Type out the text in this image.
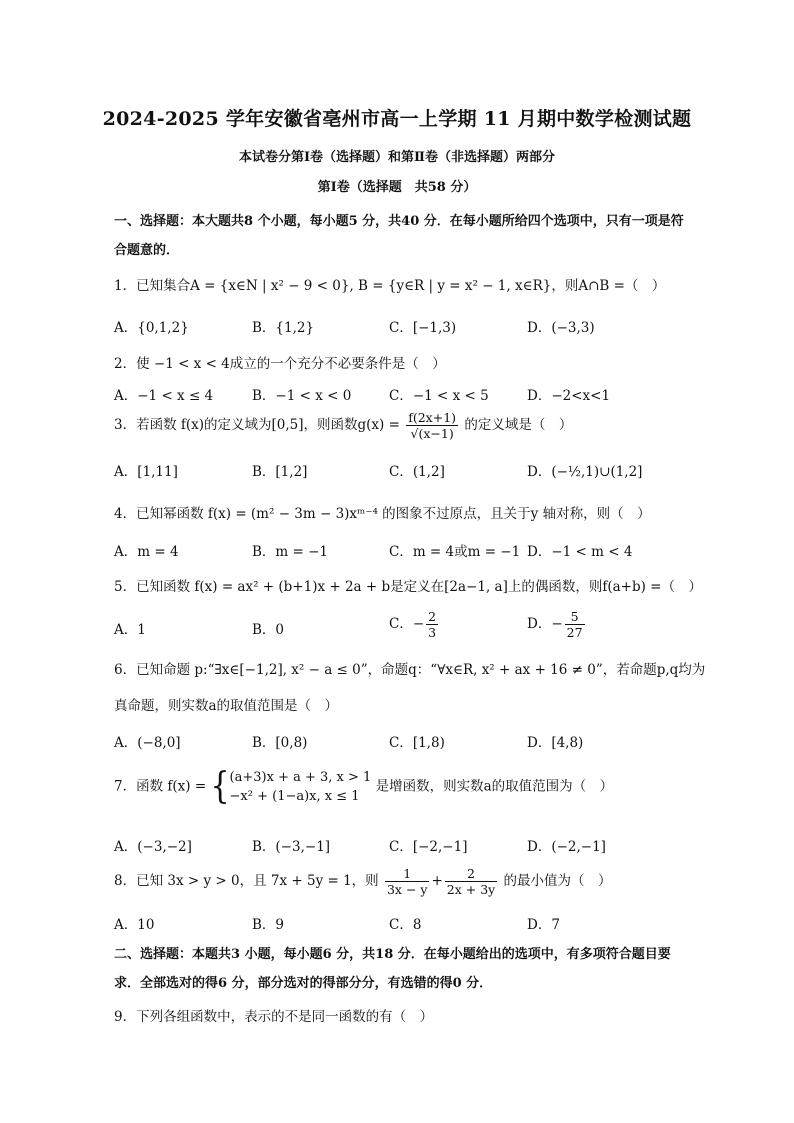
2024-2025 学年安徽省亳州市高一上学期 11 月期中数学检测试题
本试卷分第Ⅰ卷（选择题）和第Ⅱ卷（非选择题）两部分
第Ⅰ卷（选择题　共58 分）
一、选择题：本大题共8 个小题，每小题5 分，共40 分．在每小题所给四个选项中，只有一项是符合题意的．
1．已知集合A = {x∈N | x² − 9 < 0}, B = {y∈R | y = x² − 1, x∈R}，则A∩B =（　）
A．{0,1,2}	B．{1,2}	C．[−1,3)	D．(−3,3)
2．使 −1 < x < 4成立的一个充分不必要条件是（　）
A．−1 < x ≤ 4	B．−1 < x < 0	C．−1 < x < 5	D．−2<x<1
3．若函数 f(x)的定义域为[0,5]，则函数$g(x) = \frac{f(2x+1)}{√(x-1)}$ 的定义域是（　）
A．[1,11]	B．[1,2]	C．(1,2]	D．(−½,1)∪(1,2]
4．已知幂函数 f(x) = (m² − 3m − 3)xᵐ⁻⁴ 的图象不过原点，且关于y 轴对称，则（　）
A．m = 4	B．m = −1	C．m = 4或m = −1 D．−1 < m < 4
5．已知函数 f(x) = ax² + (b+1)x + 2a + b是定义在[2a−1, a]上的偶函数，则f(a+b) =（　）
A．1	B．0	C．− $\frac{2}{3}$	D．− $\frac{5}{27}$
6．已知命题 p:“∃x∈[−1,2], x² − a ≤ 0”，命题q：“∀x∈R, x² + ax + 16 ≠ 0”，若命题p,q均为
真命题，则实数a的取值范围是（　）
A．(−8,0]	B．[0,8)	C．[1,8)	D．[4,8)
7．函数 f(x) = { (a+3)x + a + 3, x > 1
−x² + (1−a)x, x ≤ 1
是增函数，则实数a的取值范围为（　）
A．(−3,−2]	B．(−3,−1]	C．[−2,−1]	D．(−2,−1]
8．已知 3x > y > 0，且 7x + 5y = 1，则 $\frac{1}{3x - y} + \frac{2}{2x + 3y}$ 的最小值为（　）
A．10	B．9	C．8	D．7
二、选择题：本题共3 小题，每小题6 分，共18 分．在每小题给出的选项中，有多项符合题目要求．全部选对的得6 分，部分选对的得部分分，有选错的得0 分．
9．下列各组函数中，表示的不是同一函数的有（　）
